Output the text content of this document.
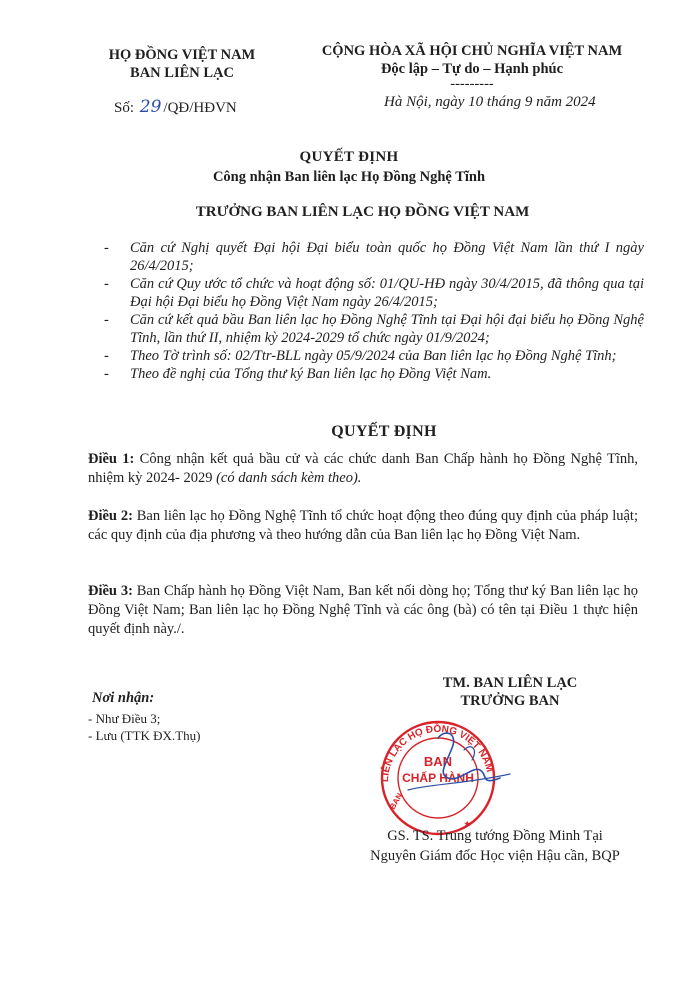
HỌ ĐỒNG VIỆT NAM
BAN LIÊN LẠC
CỘNG HÒA XÃ HỘI CHỦ NGHĨA VIỆT NAM
Độc lập – Tự do – Hạnh phúc
---------
Số: 29 /QĐ/HĐVN	Hà Nội, ngày 10 tháng 9 năm 2024
QUYẾT ĐỊNH
Công nhận Ban liên lạc Họ Đồng Nghệ Tĩnh
TRƯỞNG BAN LIÊN LẠC HỌ ĐỒNG VIỆT NAM
- Căn cứ Nghị quyết Đại hội Đại biểu toàn quốc họ Đồng Việt Nam lần thứ I ngày 26/4/2015;
- Căn cứ Quy ước tổ chức và hoạt động số: 01/QU-HĐ ngày 30/4/2015, đã thông qua tại Đại hội Đại biểu họ Đồng Việt Nam ngày 26/4/2015;
- Căn cứ kết quả bầu Ban liên lạc họ Đồng Nghệ Tĩnh tại Đại hội đại biểu họ Đồng Nghệ Tĩnh, lần thứ II, nhiệm kỳ 2024-2029 tổ chức ngày 01/9/2024;
- Theo Tờ trình số: 02/Ttr-BLL ngày 05/9/2024 của Ban liên lạc họ Đồng Nghệ Tĩnh;
- Theo đề nghị của Tổng thư ký Ban liên lạc họ Đồng Việt Nam.
QUYẾT ĐỊNH
Điều 1: Công nhận kết quả bầu cử và các chức danh Ban Chấp hành họ Đồng Nghệ Tĩnh, nhiệm kỳ 2024- 2029 (có danh sách kèm theo).
Điều 2: Ban liên lạc họ Đồng Nghệ Tĩnh tổ chức hoạt động theo đúng quy định của pháp luật; các quy định của địa phương và theo hướng dẫn của Ban liên lạc họ Đồng Việt Nam.
Điều 3: Ban Chấp hành họ Đồng Việt Nam, Ban kết nối dòng họ; Tổng thư ký Ban liên lạc họ Đồng Việt Nam; Ban liên lạc họ Đồng Nghệ Tĩnh và các ông (bà) có tên tại Điều 1 thực hiện quyết định này./.
TM. BAN LIÊN LẠC
TRƯỞNG BAN
Nơi nhận:
- Như Điều 3;
- Lưu (TTK ĐX.Thụ)
LIÊN LẠC HỌ ĐỒNG VIỆT NAM
BAN
★
BAN
CHẤP HÀNH
GS. TS. Trung tướng Đồng Minh Tại
Nguyên Giám đốc Học viện Hậu cần, BQP
